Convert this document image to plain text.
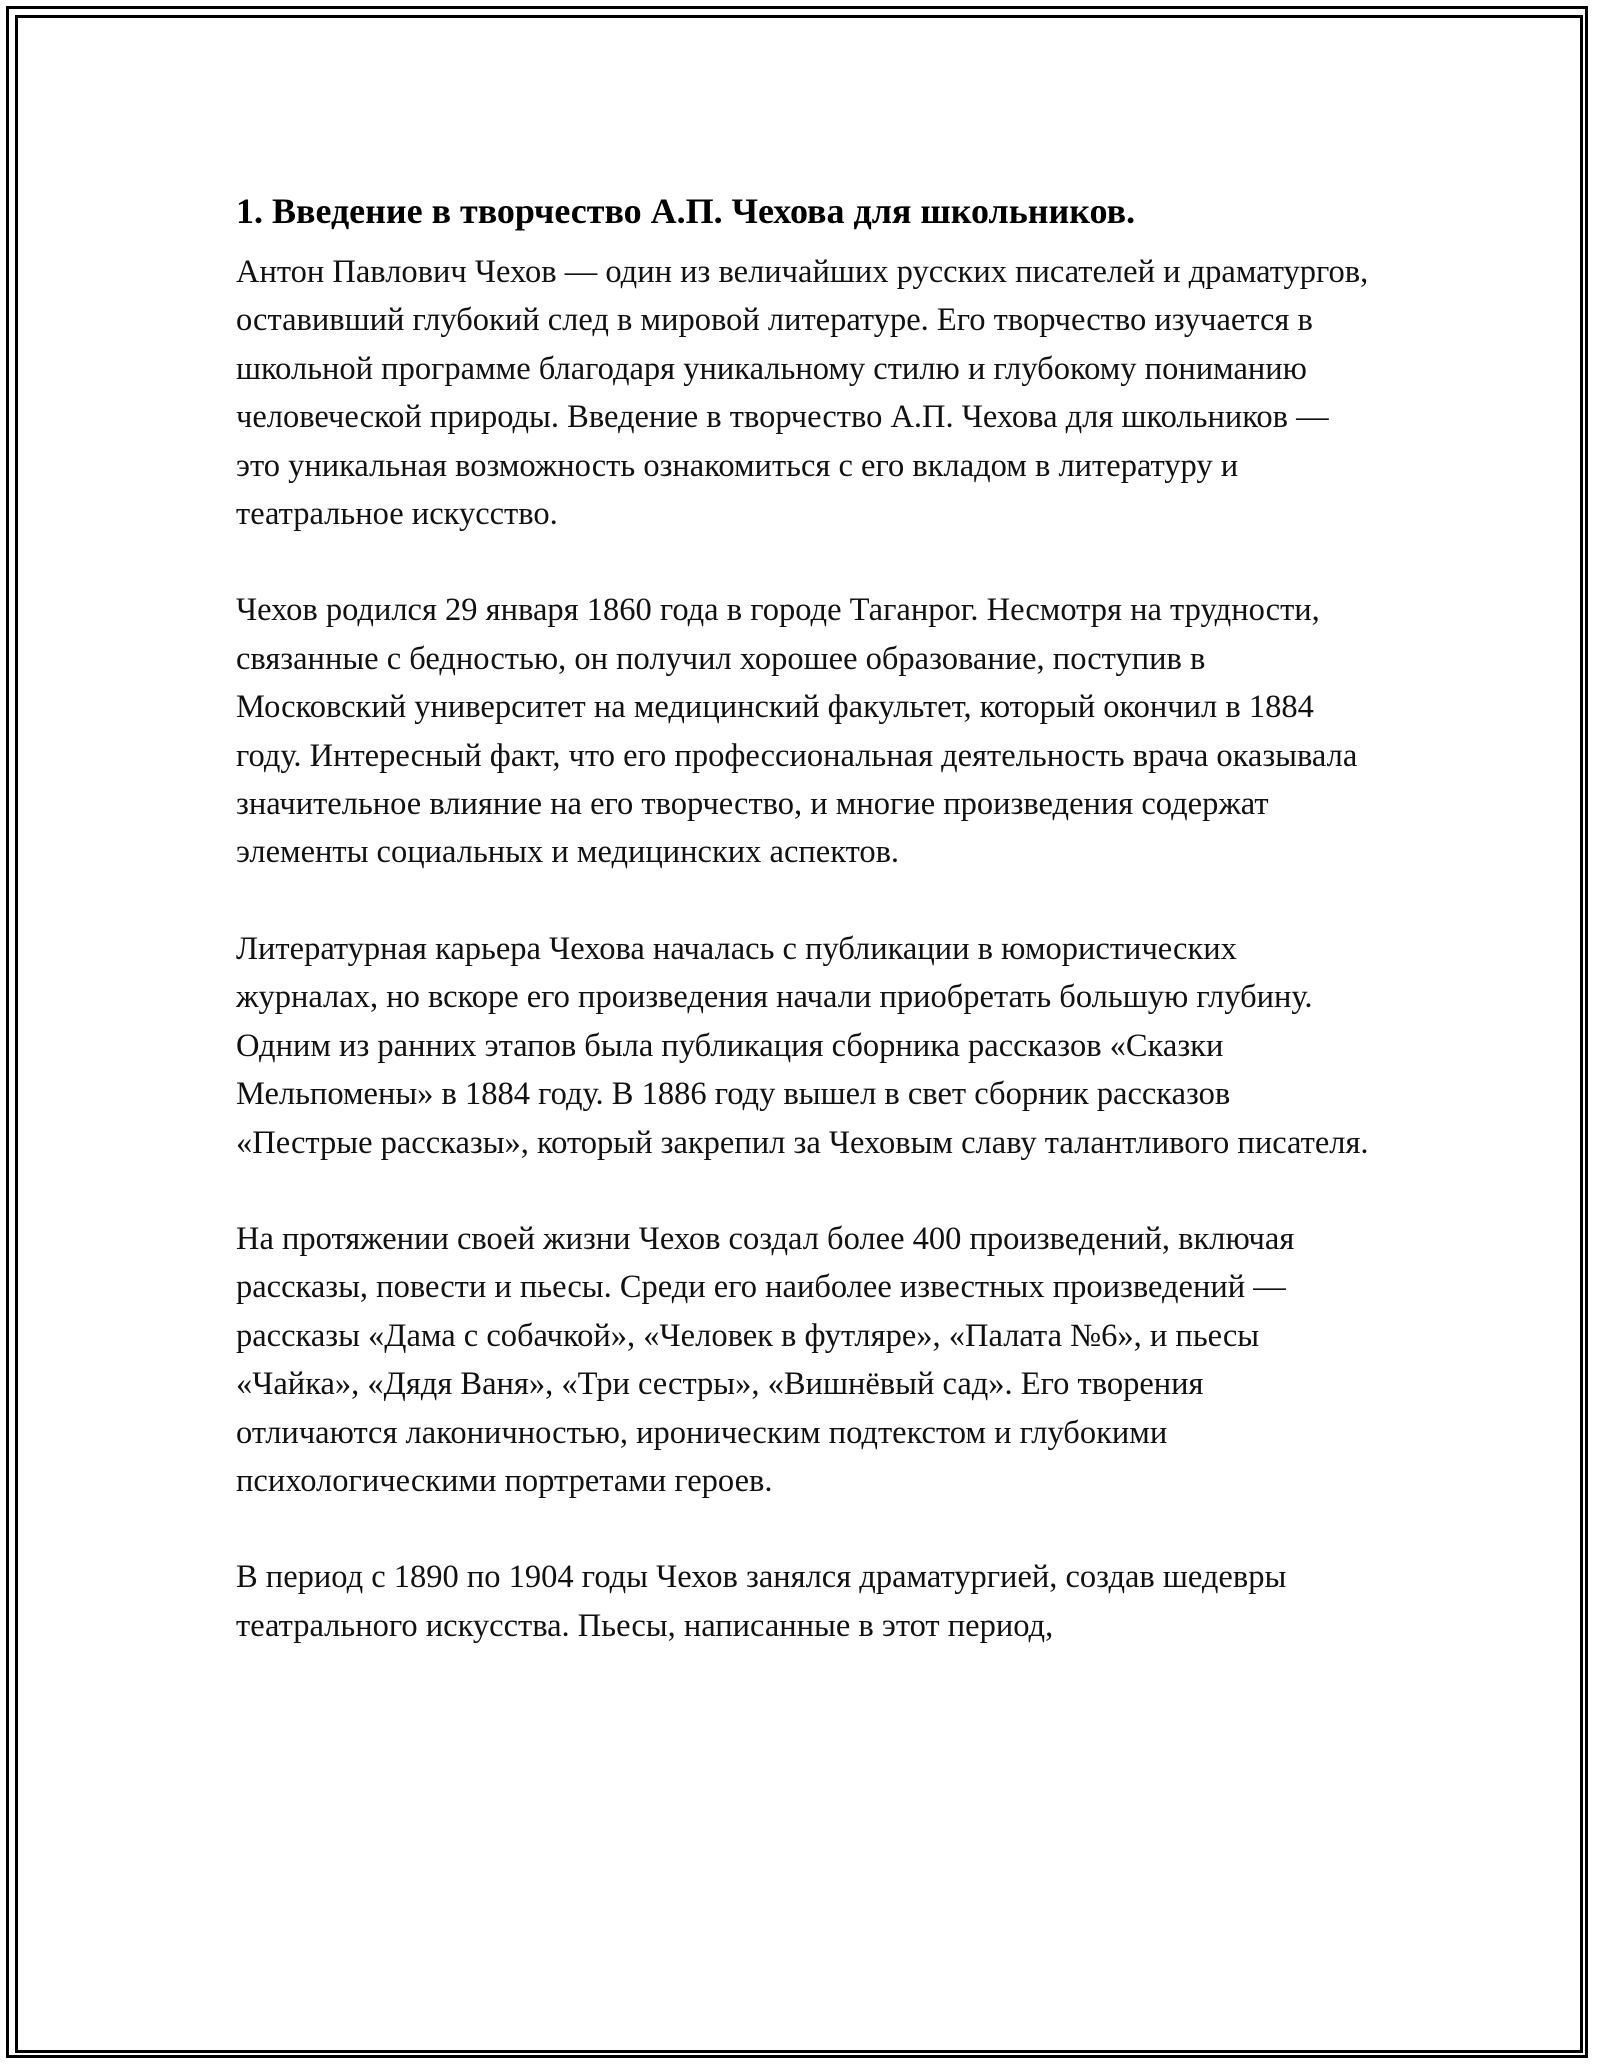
1. Введение в творчество А.П. Чехова для школьников.

Антон Павлович Чехов — один из величайших русских писателей и драматургов, оставивший глубокий след в мировой литературе. Его творчество изучается в школьной программе благодаря уникальному стилю и глубокому пониманию человеческой природы. Введение в творчество А.П. Чехова для школьников — это уникальная возможность ознакомиться с его вкладом в литературу и театральное искусство.

Чехов родился 29 января 1860 года в городе Таганрог. Несмотря на трудности, связанные с бедностью, он получил хорошее образование, поступив в Московский университет на медицинский факультет, который окончил в 1884 году. Интересный факт, что его профессиональная деятельность врача оказывала значительное влияние на его творчество, и многие произведения содержат элементы социальных и медицинских аспектов.

Литературная карьера Чехова началась с публикации в юмористических журналах, но вскоре его произведения начали приобретать большую глубину. Одним из ранних этапов была публикация сборника рассказов «Сказки Мельпомены» в 1884 году. В 1886 году вышел в свет сборник рассказов «Пестрые рассказы», который закрепил за Чеховым славу талантливого писателя.

На протяжении своей жизни Чехов создал более 400 произведений, включая рассказы, повести и пьесы. Среди его наиболее известных произведений — рассказы «Дама с собачкой», «Человек в футляре», «Палата №6», и пьесы «Чайка», «Дядя Ваня», «Три сестры», «Вишнёвый сад». Его творения отличаются лаконичностью, ироническим подтекстом и глубокими психологическими портретами героев.

В период с 1890 по 1904 годы Чехов занялся драматургией, создав шедевры театрального искусства. Пьесы, написанные в этот период,
